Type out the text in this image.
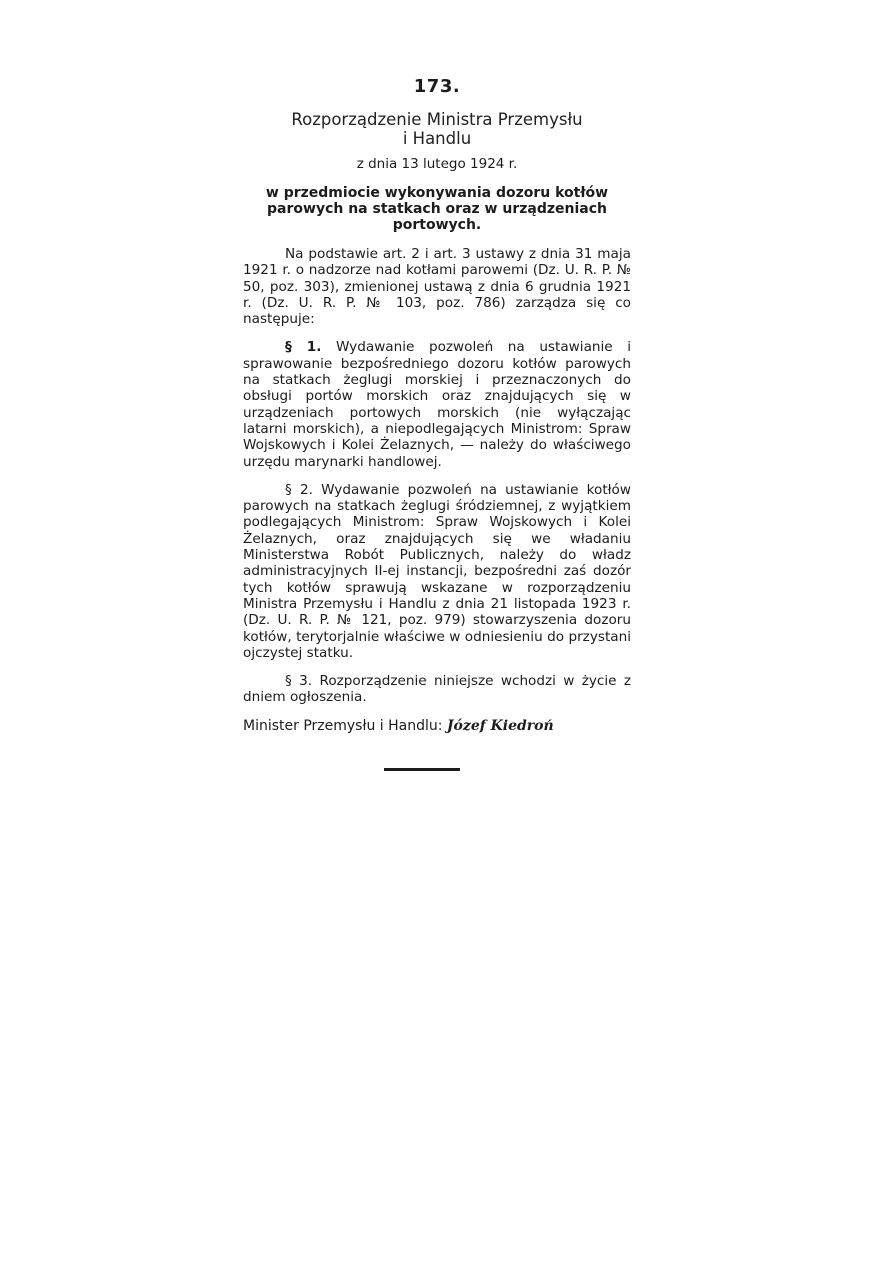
173.
Rozporządzenie Ministra Przemysłu
i Handlu
z dnia 13 lutego 1924 r.
w przedmiocie wykonywania dozoru kotłów parowych na statkach oraz w urządzeniach portowych.

Na podstawie art. 2 i art. 3 ustawy z dnia 31 maja 1921 r. o nadzorze nad kotłami parowemi (Dz. U. R. P. № 50, poz. 303), zmienionej ustawą z dnia 6 grudnia 1921 r. (Dz. U. R. P. № 103, poz. 786) zarządza się co następuje:

§ 1. Wydawanie pozwoleń na ustawianie i sprawowanie bezpośredniego dozoru kotłów parowych na statkach żeglugi morskiej i przeznaczonych do obsługi portów morskich oraz znajdujących się w urządzeniach portowych morskich (nie wyłączając latarni morskich), a niepodlegających Ministrom: Spraw Wojskowych i Kolei Żelaznych, — należy do właściwego urzędu marynarki handlowej.

§ 2. Wydawanie pozwoleń na ustawianie kotłów parowych na statkach żeglugi śródziemnej, z wyjątkiem podlegających Ministrom: Spraw Wojskowych i Kolei Żelaznych, oraz znajdujących się we władaniu Ministerstwa Robót Publicznych, należy do władz administracyjnych II-ej instancji, bezpośredni zaś dozór tych kotłów sprawują wskazane w rozporządzeniu Ministra Przemysłu i Handlu z dnia 21 listopada 1923 r. (Dz. U. R. P. № 121, poz. 979) stowarzyszenia dozoru kotłów, terytorjalnie właściwe w odniesieniu do przystani ojczystej statku.

§ 3. Rozporządzenie niniejsze wchodzi w życie z dniem ogłoszenia.

Minister Przemysłu i Handlu: Józef Kiedroń
